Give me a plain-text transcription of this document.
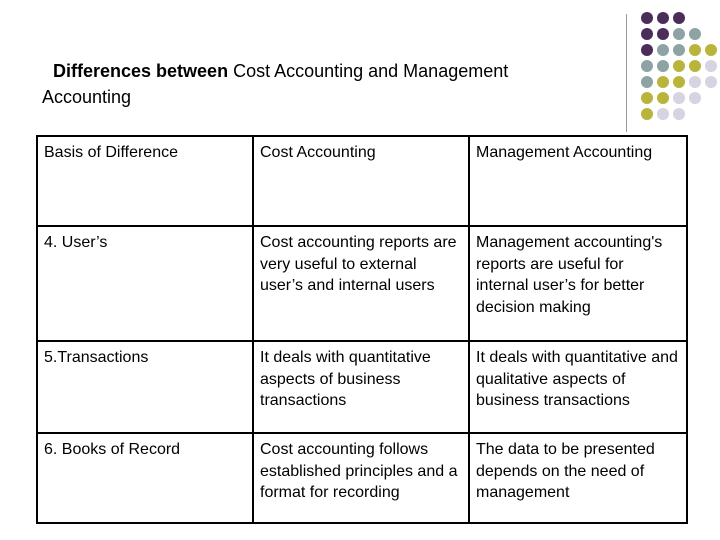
Differences between Cost Accounting and Management
Accounting
Basis of Difference	Cost Accounting	Management Accounting
4. User’s	Cost accounting reports are very useful to external user’s and internal users	Management accounting's reports are useful for internal user’s for better decision making
5.Transactions	It deals with quantitative aspects of business transactions	It deals with quantitative and qualitative aspects of business transactions
6. Books of Record	Cost accounting follows established principles and a format for recording	The data to be presented depends on the need of management
